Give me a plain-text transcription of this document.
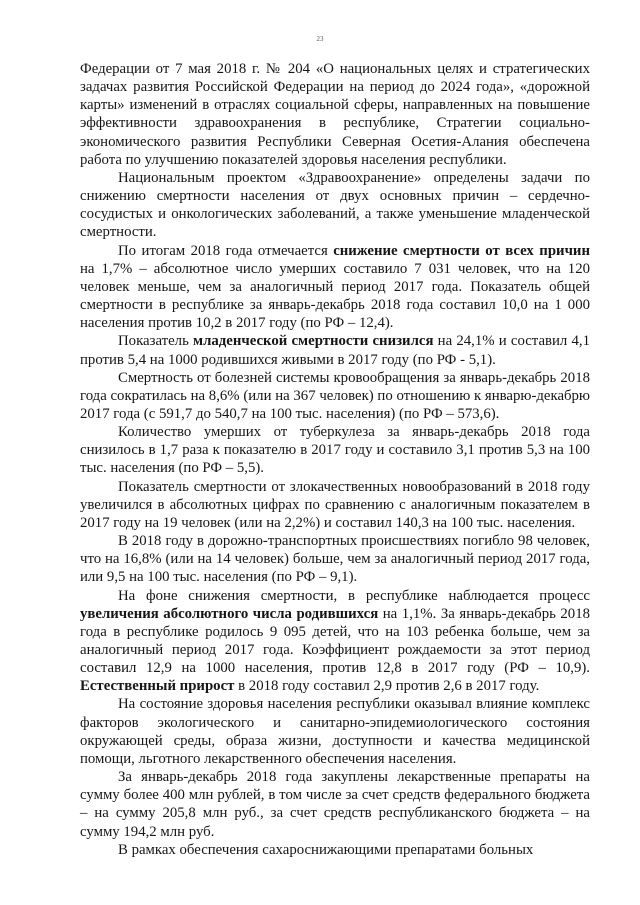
23

Федерации от 7 мая 2018 г. № 204 «О национальных целях и стратегических задачах развития Российской Федерации на период до 2024 года», «дорожной карты» изменений в отраслях социальной сферы, направленных на повышение эффективности здравоохранения в республике, Стратегии социально-экономического развития Республики Северная Осетия-Алания обеспечена работа по улучшению показателей здоровья населения республики.

Национальным проектом «Здравоохранение» определены задачи по снижению смертности населения от двух основных причин – сердечно-сосудистых и онкологических заболеваний, а также уменьшение младенческой смертности.

По итогам 2018 года отмечается снижение смертности от всех причин на 1,7% – абсолютное число умерших составило 7 031 человек, что на 120 человек меньше, чем за аналогичный период 2017 года. Показатель общей смертности в республике за январь-декабрь 2018 года составил 10,0 на 1 000 населения против 10,2 в 2017 году (по РФ – 12,4).

Показатель младенческой смертности снизился на 24,1% и составил 4,1 против 5,4 на 1000 родившихся живыми в 2017 году (по РФ - 5,1).

Смертность от болезней системы кровообращения за январь-декабрь 2018 года сократилась на 8,6% (или на 367 человек) по отношению к январю-декабрю 2017 года (с 591,7 до 540,7 на 100 тыс. населения) (по РФ – 573,6).

Количество умерших от туберкулеза за январь-декабрь 2018 года снизилось в 1,7 раза к показателю в 2017 году и составило 3,1 против 5,3 на 100 тыс. населения (по РФ – 5,5).

Показатель смертности от злокачественных новообразований в 2018 году увеличился в абсолютных цифрах по сравнению с аналогичным показателем в 2017 году на 19 человек (или на 2,2%) и составил 140,3 на 100 тыс. населения.

В 2018 году в дорожно-транспортных происшествиях погибло 98 человек, что на 16,8% (или на 14 человек) больше, чем за аналогичный период 2017 года, или 9,5 на 100 тыс. населения (по РФ – 9,1).

На фоне снижения смертности, в республике наблюдается процесс увеличения абсолютного числа родившихся на 1,1%. За январь-декабрь 2018 года в республике родилось 9 095 детей, что на 103 ребенка больше, чем за аналогичный период 2017 года. Коэффициент рождаемости за этот период составил 12,9 на 1000 населения, против 12,8 в 2017 году (РФ – 10,9). Естественный прирост в 2018 году составил 2,9 против 2,6 в 2017 году.

На состояние здоровья населения республики оказывал влияние комплекс факторов экологического и санитарно-эпидемиологического состояния окружающей среды, образа жизни, доступности и качества медицинской помощи, льготного лекарственного обеспечения населения.

За январь-декабрь 2018 года закуплены лекарственные препараты на сумму более 400 млн рублей, в том числе за счет средств федерального бюджета – на сумму 205,8 млн руб., за счет средств республиканского бюджета – на сумму 194,2 млн руб.

В рамках обеспечения сахароснижающими препаратами больных
